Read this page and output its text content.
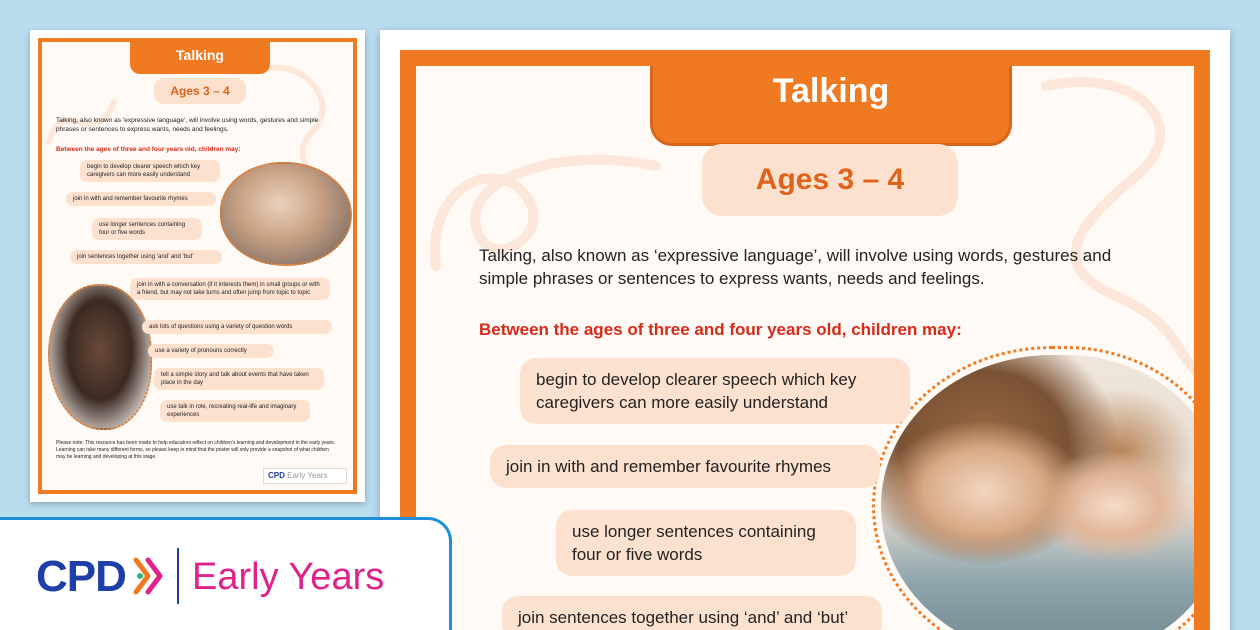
Talking
Ages 3 – 4
Talking, also known as ‘expressive language’, will involve using words, gestures and simple phrases or sentences to express wants, needs and feelings.
Between the ages of three and four years old, children may:
begin to develop clearer speech which key caregivers can more easily understand
join in with and remember favourite rhymes
use longer sentences containing four or five words
join sentences together using ‘and’ and ‘but’
join in with a conversation (if it interests them) in small groups or with a friend, but may not take turns and often jump from topic to topic
ask lots of questions using a variety of question words
use a variety of pronouns correctly
tell a simple story and talk about events that have taken place in the day
use talk in role, recreating real-life and imaginary experiences
Please note: This resource has been made to help educators reflect on children’s learning and development in the early years. Learning can take many different forms, so please keep in mind that the poster will only provide a snapshot of what children may be learning and developing at this stage.
CPD Early Years
Talking
Ages 3 – 4
Talking, also known as ‘expressive language’, will involve using words, gestures and simple phrases or sentences to express wants, needs and feelings.
Between the ages of three and four years old, children may:
begin to develop clearer speech which key caregivers can more easily understand
join in with and remember favourite rhymes
use longer sentences containing four or five words
join sentences together using ‘and’ and ‘but’
CPD Early Years
